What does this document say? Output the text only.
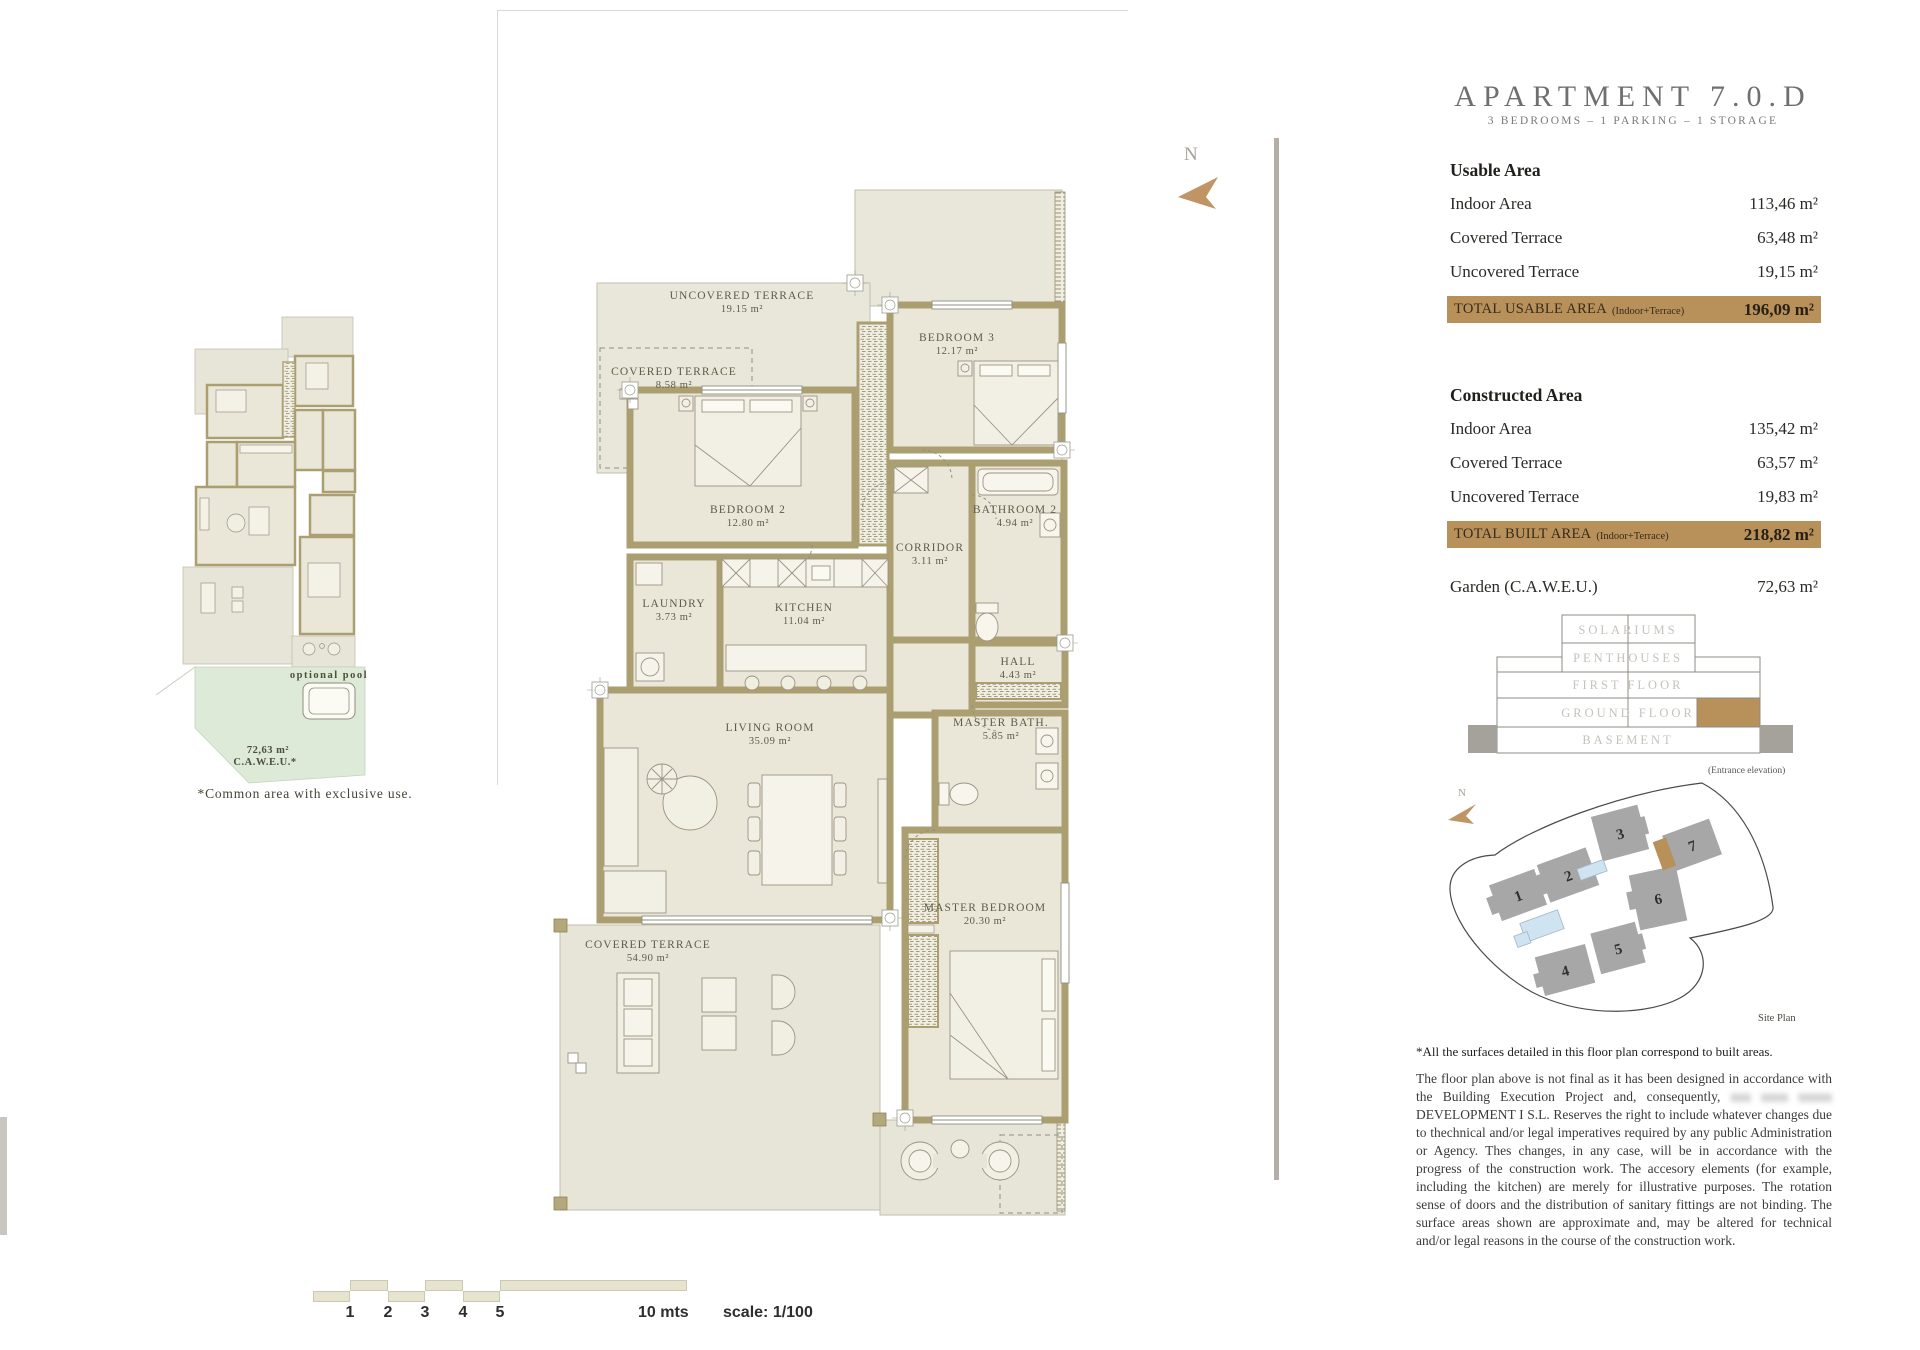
optional pool
72,63 m²
C.A.W.E.U.*
*Common area with exclusive use.
UNCOVERED TERRACE 19.15 m²
COVERED TERRACE 8.58 m²
BEDROOM 3 12.17 m²
BEDROOM 2 12.80 m²
BATHROOM 2 4.94 m²
CORRIDOR 3.11 m²
LAUNDRY 3.73 m²
KITCHEN 11.04 m²
HALL 4.43 m²
MASTER BATH. 5.85 m²
LIVING ROOM 35.09 m²
MASTER BEDROOM 20.30 m²
COVERED TERRACE 54.90 m²
N
APARTMENT 7.0.D
3 BEDROOMS – 1 PARKING – 1 STORAGE
Usable Area
Indoor Area	113,46 m²
Covered Terrace	63,48 m²
Uncovered Terrace	19,15 m²
TOTAL USABLE AREA (Indoor+Terrace)	196,09 m²
Constructed Area
Indoor Area	135,42 m²
Covered Terrace	63,57 m²
Uncovered Terrace	19,83 m²
TOTAL BUILT AREA (Indoor+Terrace)	218,82 m²
Garden (C.A.W.E.U.)	72,63 m²
SOLARIUMS
PENTHOUSES
FIRST FLOOR
GROUND FLOOR
BASEMENT
(Entrance elevation)
N
1
2
3
4
5
6
7
Site Plan
*All the surfaces detailed in this floor plan correspond to built areas.
The floor plan above is not final as it has been designed in accordance with the Building Execution Project and, consequently, xxx xxxx xxxxx DEVELOPMENT I S.L. Reserves the right to include whatever changes due to thechnical and/or legal imperatives required by any public Administration or Agency. Thes changes, in any case, will be in accordance with the progress of the construction work. The accesory elements (for example, including the kitchen) are merely for illustrative purposes. The rotation sense of doors and the distribution of sanitary fittings are not binding. The surface areas shown are approximate and, may be altered for technical and/or legal reasons in the course of the construction work.
1	2	3	4	5	10 mts scale: 1/100
